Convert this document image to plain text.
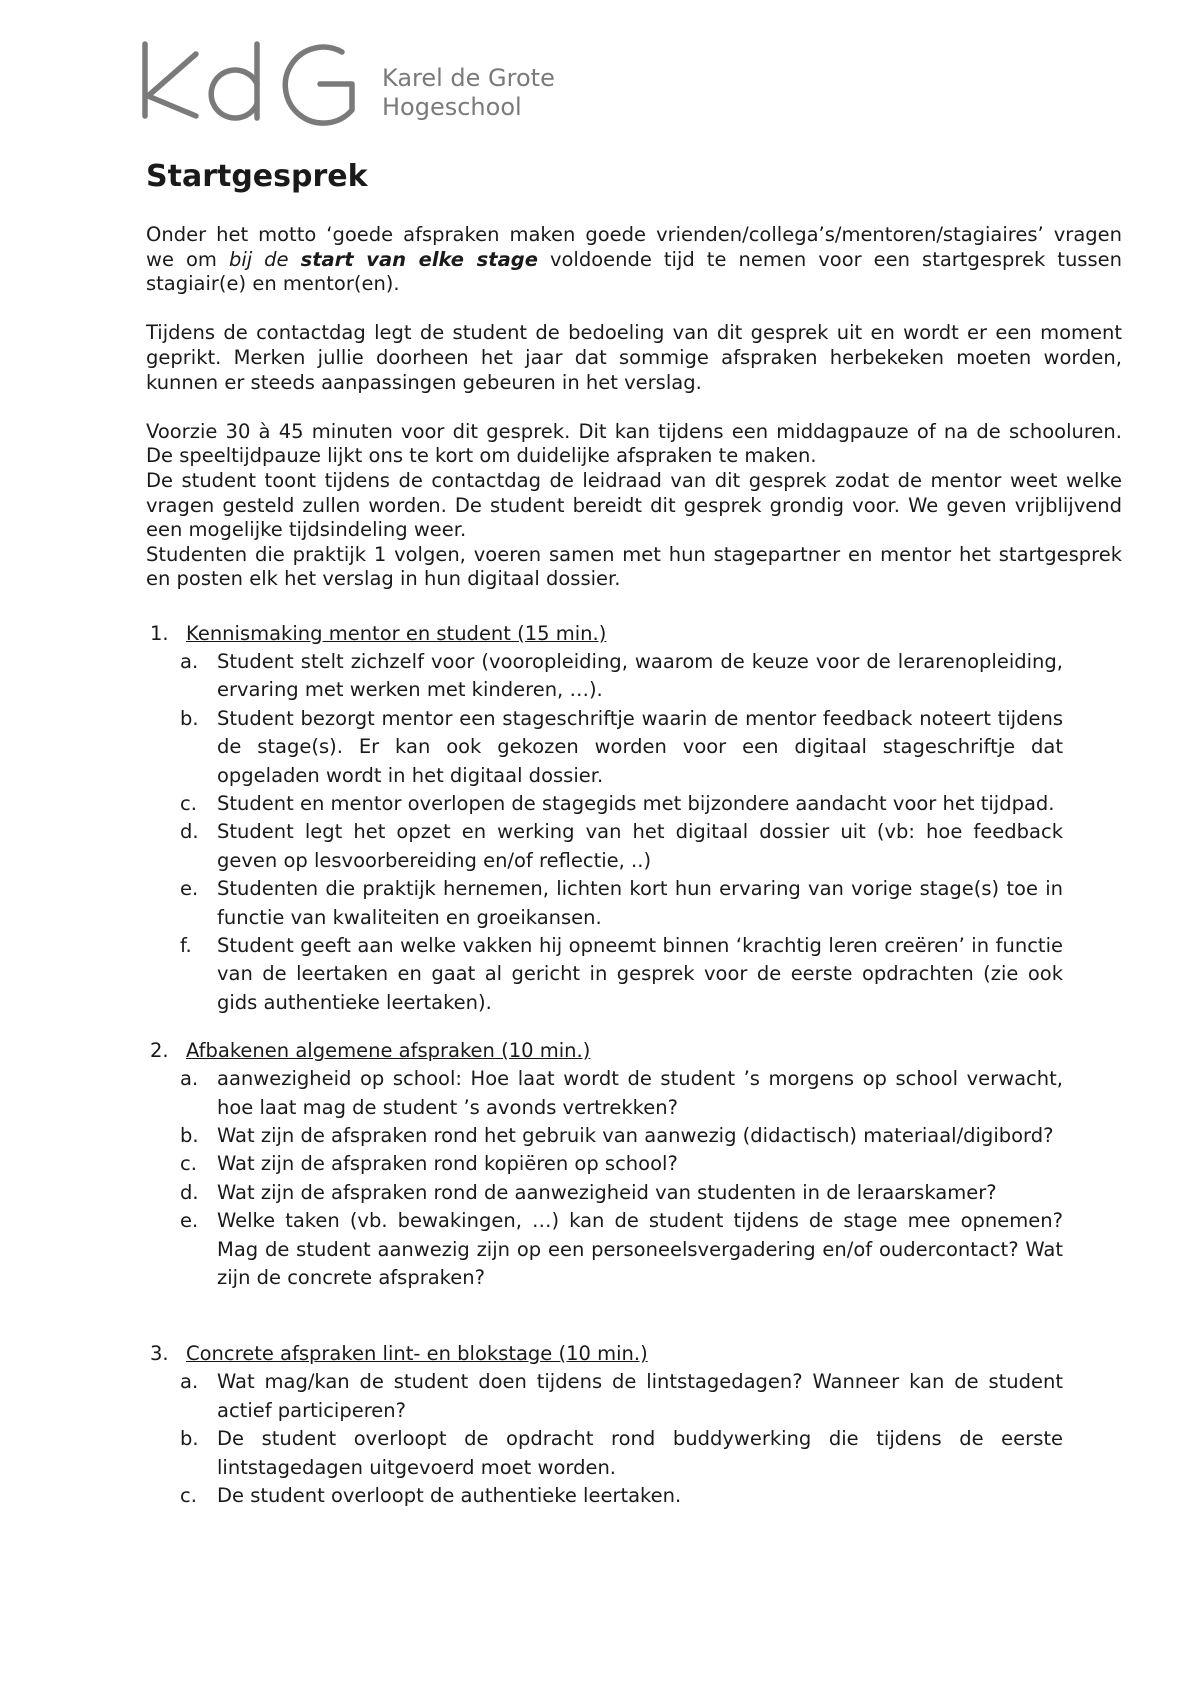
Karel de Grote
Hogeschool
Startgesprek

Onder het motto ‘goede afspraken maken goede vrienden/collega’s/mentoren/stagiaires’ vragen we om bij de start van elke stage voldoende tijd te nemen voor een startgesprek tussen stagiair(e) en mentor(en).

Tijdens de contactdag legt de student de bedoeling van dit gesprek uit en wordt er een moment geprikt. Merken jullie doorheen het jaar dat sommige afspraken herbekeken moeten worden, kunnen er steeds aanpassingen gebeuren in het verslag.

Voorzie 30 à 45 minuten voor dit gesprek. Dit kan tijdens een middagpauze of na de schooluren. De speeltijdpauze lijkt ons te kort om duidelijke afspraken te maken.

De student toont tijdens de contactdag de leidraad van dit gesprek zodat de mentor weet welke vragen gesteld zullen worden. De student bereidt dit gesprek grondig voor. We geven vrijblijvend een mogelijke tijdsindeling weer.

Studenten die praktijk 1 volgen, voeren samen met hun stagepartner en mentor het startgesprek en posten elk het verslag in hun digitaal dossier.

1. Kennismaking mentor en student (15 min.)
a. Student stelt zichzelf voor (vooropleiding, waarom de keuze voor de lerarenopleiding, ervaring met werken met kinderen, …).
b. Student bezorgt mentor een stageschriftje waarin de mentor feedback noteert tijdens de stage(s). Er kan ook gekozen worden voor een digitaal stageschriftje dat opgeladen wordt in het digitaal dossier.
c. Student en mentor overlopen de stagegids met bijzondere aandacht voor het tijdpad.
d. Student legt het opzet en werking van het digitaal dossier uit (vb: hoe feedback geven op lesvoorbereiding en/of reflectie, ..)
e. Studenten die praktijk hernemen, lichten kort hun ervaring van vorige stage(s) toe in functie van kwaliteiten en groeikansen.
f. Student geeft aan welke vakken hij opneemt binnen ‘krachtig leren creëren’ in functie van de leertaken en gaat al gericht in gesprek voor de eerste opdrachten (zie ook gids authentieke leertaken).
2. Afbakenen algemene afspraken (10 min.)
a. aanwezigheid op school: Hoe laat wordt de student ’s morgens op school verwacht, hoe laat mag de student ’s avonds vertrekken?
b. Wat zijn de afspraken rond het gebruik van aanwezig (didactisch) materiaal/digibord?
c. Wat zijn de afspraken rond kopiëren op school?
d. Wat zijn de afspraken rond de aanwezigheid van studenten in de leraarskamer?
e. Welke taken (vb. bewakingen, …) kan de student tijdens de stage mee opnemen? Mag de student aanwezig zijn op een personeelsvergadering en/of oudercontact? Wat zijn de concrete afspraken?
3. Concrete afspraken lint- en blokstage (10 min.)
a. Wat mag/kan de student doen tijdens de lintstagedagen? Wanneer kan de student actief participeren?
b. De student overloopt de opdracht rond buddywerking die tijdens de eerste lintstagedagen uitgevoerd moet worden.
c. De student overloopt de authentieke leertaken.
